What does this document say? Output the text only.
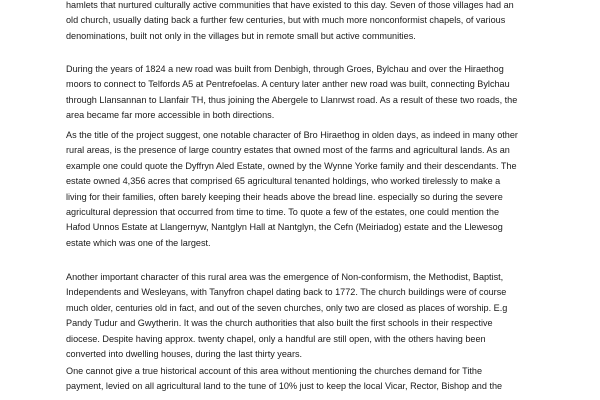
hamlets that nurtured culturally active communities that have existed to this day. Seven of those villages had an
old church, usually dating back a further few centuries, but with much more nonconformist chapels, of various
denominations, built not only in the villages but in remote small but active communities.

During the years of 1824 a new road was built from Denbigh, through Groes, Bylchau and over the Hiraethog
moors to connect to Telfords A5 at Pentrefoelas. A century later anther new road was built, connecting Bylchau
through Llansannan to Llanfair TH, thus joining the Abergele to Llanrwst road. As a result of these two roads, the
area became far more accessible in both directions.

As the title of the project suggest, one notable character of Bro Hiraethog in olden days, as indeed in many other
rural areas, is the presence of large country estates that owned most of the farms and agricultural lands. As an
example one could quote the Dyffryn Aled Estate, owned by the Wynne Yorke family and their descendants. The
estate owned 4,356 acres that comprised 65 agricultural tenanted holdings, who worked tirelessly to make a
living for their families, often barely keeping their heads above the bread line. especially so during the severe
agricultural depression that occurred from time to time. To quote a few of the estates, one could mention the
Hafod Unnos Estate at Llangernyw, Nantglyn Hall at Nantglyn, the Cefn (Meiriadog) estate and the Llewesog
estate which was one of the largest.

Another important character of this rural area was the emergence of Non-conformism, the Methodist, Baptist,
Independents and Wesleyans, with Tanyfron chapel dating back to 1772. The church buildings were of course
much older, centuries old in fact, and out of the seven churches, only two are closed as places of worship. E.g
Pandy Tudur and Gwytherin. It was the church authorities that also built the first schools in their respective
diocese. Despite having approx. twenty chapel, only a handful are still open, with the others having been
converted into dwelling houses, during the last thirty years.

One cannot give a true historical account of this area without mentioning the churches demand for Tithe
payment, levied on all agricultural land to the tune of 10% just to keep the local Vicar, Rector, Bishop and the
